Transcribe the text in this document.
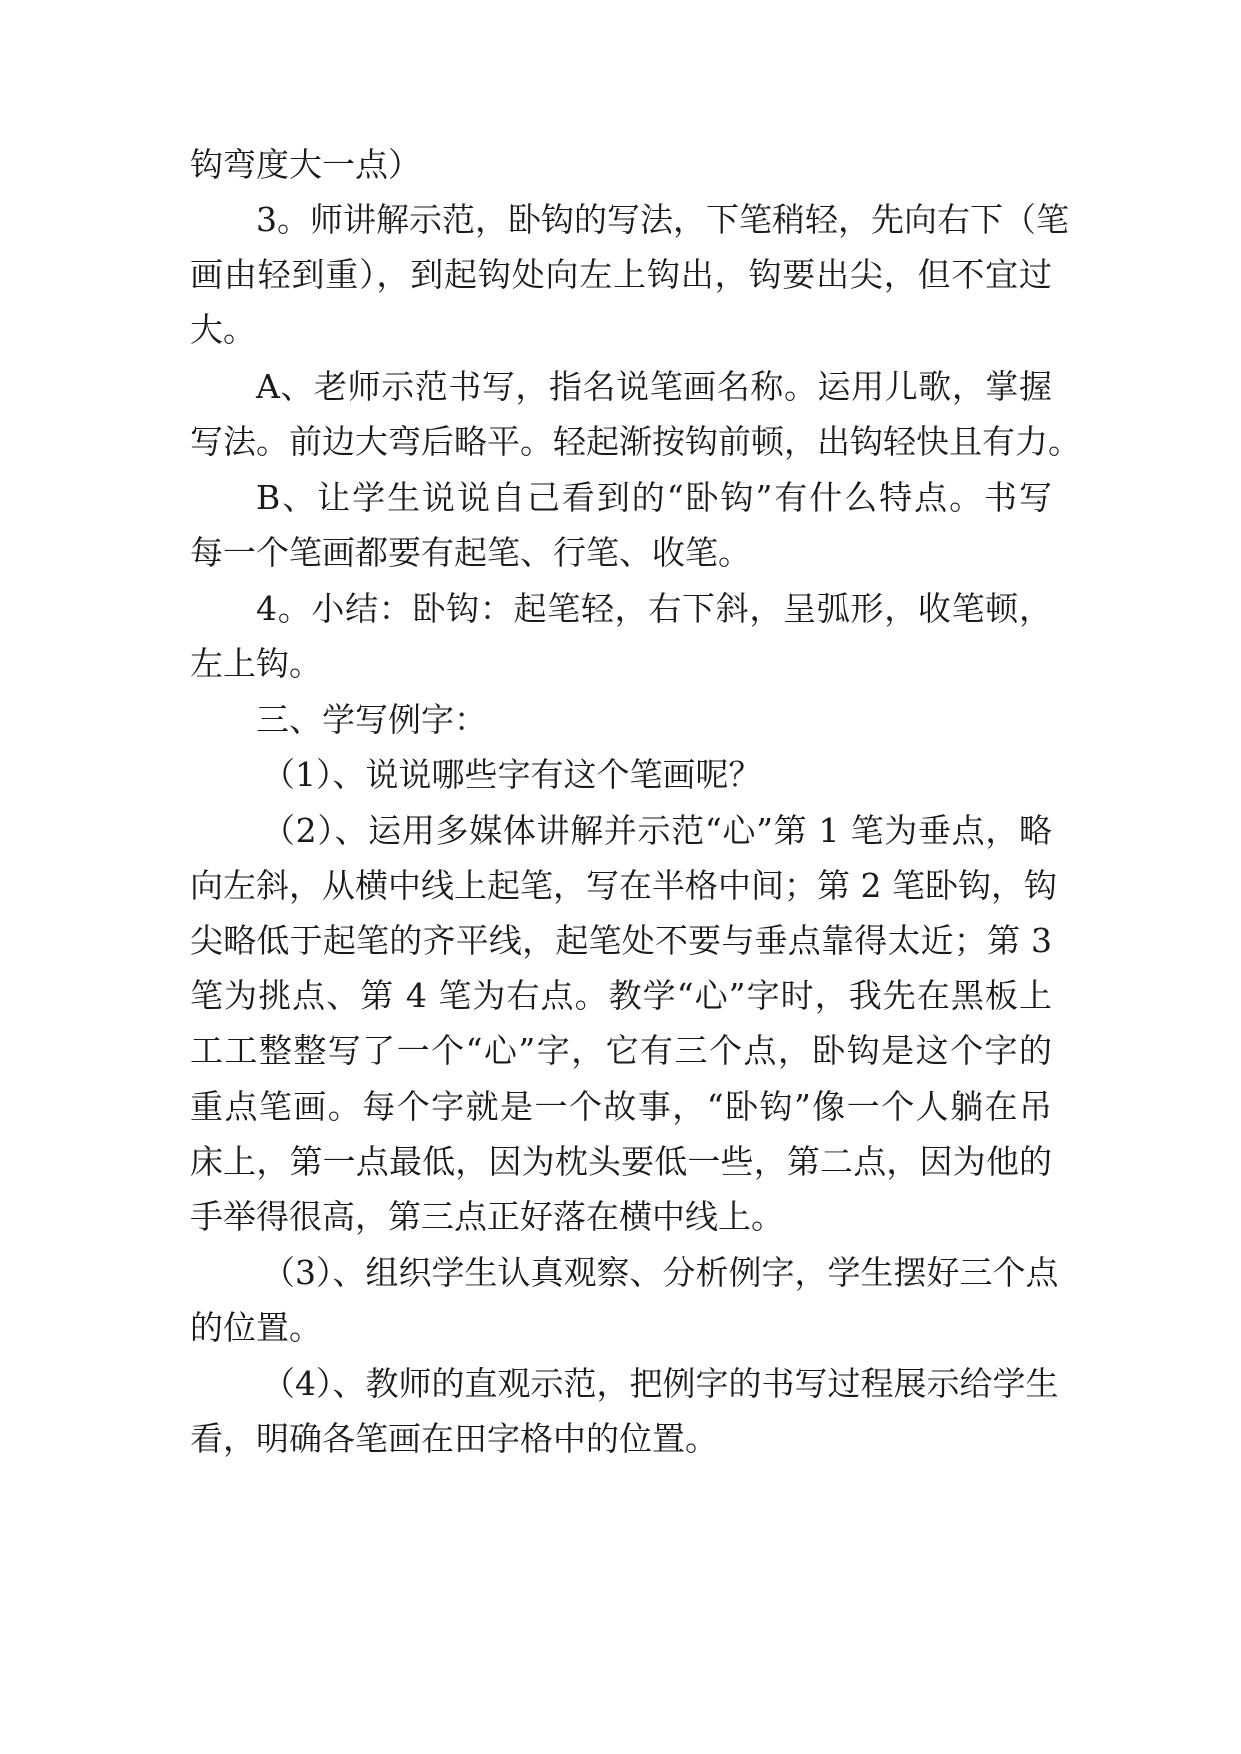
钩弯度大一点）
3。师讲解示范，卧钩的写法，下笔稍轻，先向右下（笔
画由轻到重），到起钩处向左上钩出，钩要出尖，但不宜过
大。
A、老师示范书写，指名说笔画名称。运用儿歌，掌握
写法。前边大弯后略平。轻起渐按钩前顿，出钩轻快且有力。
B、让学生说说自己看到的“卧钩”有什么特点。书写
每一个笔画都要有起笔、行笔、收笔。
4。小结：卧钩：起笔轻，右下斜，呈弧形，收笔顿，
左上钩。
三、学写例字：
（1）、说说哪些字有这个笔画呢？
（2）、运用多媒体讲解并示范“心”第 1 笔为垂点，略
向左斜，从横中线上起笔，写在半格中间；第 2 笔卧钩，钩
尖略低于起笔的齐平线，起笔处不要与垂点靠得太近；第 3
笔为挑点、第 4 笔为右点。教学“心”字时，我先在黑板上
工工整整写了一个“心”字，它有三个点，卧钩是这个字的
重点笔画。每个字就是一个故事，“卧钩”像一个人躺在吊
床上，第一点最低，因为枕头要低一些，第二点，因为他的
手举得很高，第三点正好落在横中线上。
（3）、组织学生认真观察、分析例字，学生摆好三个点
的位置。
（4）、教师的直观示范，把例字的书写过程展示给学生
看，明确各笔画在田字格中的位置。
